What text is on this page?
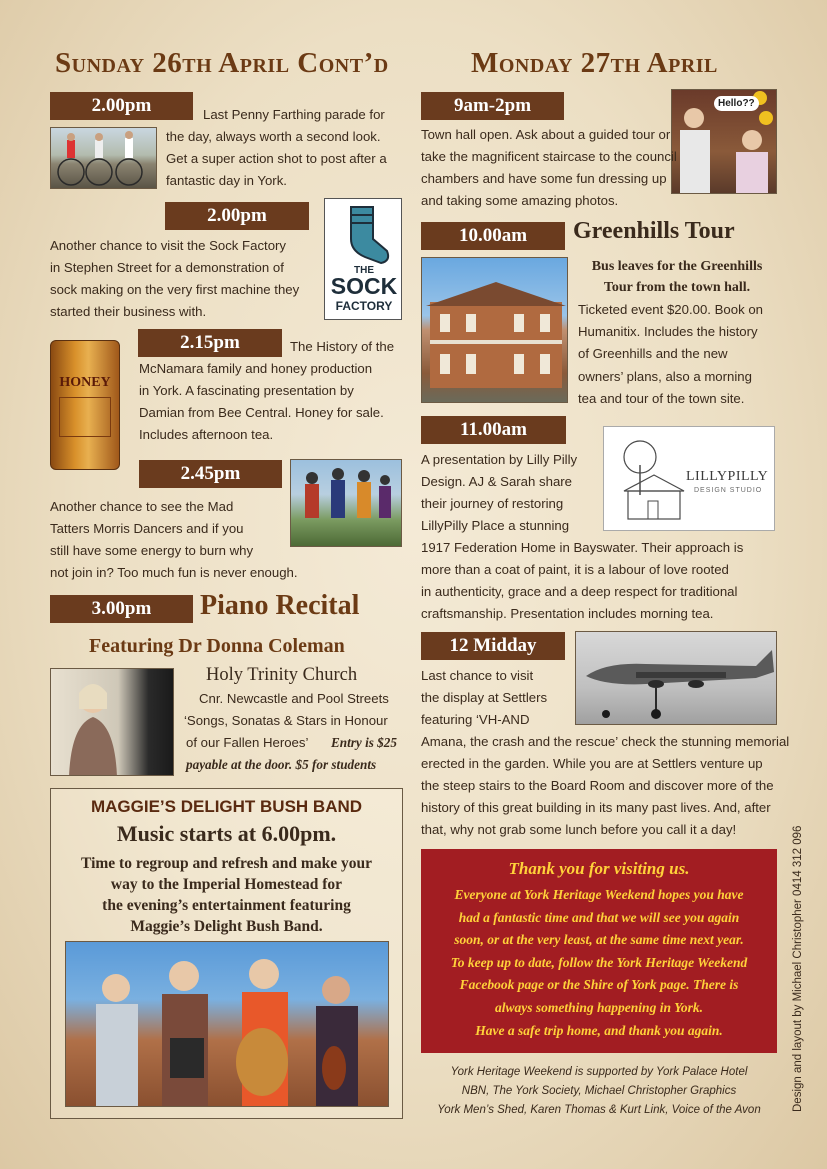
Sunday 26th April Cont’d	Monday 27th April
2.00pm	Last Penny Farthing parade for
the day, always worth a second look.
Get a super action shot to post after a
fantastic day in York.
2.00pm
THE
SOCK
FACTORY
Another chance to visit the Sock Factory
in Stephen Street for a demonstration of
sock making on the very first machine they
started their business with.
HONEY
2.15pm	The History of the
McNamara family and honey production
in York. A fascinating presentation by
Damian from Bee Central. Honey for sale.
Includes afternoon tea.
2.45pm
Another chance to see the Mad
Tatters Morris Dancers and if you
still have some energy to burn why
not join in? Too much fun is never enough.
3.00pm	Piano Recital
Featuring Dr Donna Coleman
Holy Trinity Church
Cnr. Newcastle and Pool Streets
‘Songs, Sonatas & Stars in Honour
of our Fallen Heroes’ Entry is $25
payable at the door. $5 for students
MAGGIE’S DELIGHT BUSH BAND
Music starts at 6.00pm.
Time to regroup and refresh and make your
way to the Imperial Homestead for
the evening’s entertainment featuring
Maggie’s Delight Bush Band.
9am-2pm	Hello??
Town hall open. Ask about a guided tour or
take the magnificent staircase to the council
chambers and have some fun dressing up
and taking some amazing photos.
10.00am	Greenhills Tour
Bus leaves for the Greenhills
Tour from the town hall.
Ticketed event $20.00. Book on
Humanitix. Includes the history
of Greenhills and the new
owners’ plans, also a morning
tea and tour of the town site.
11.00am
LILLYPILLY
DESIGN STUDIO
A presentation by Lilly Pilly
Design. AJ & Sarah share
their journey of restoring
LillyPilly Place a stunning
1917 Federation Home in Bayswater. Their approach is
more than a coat of paint, it is a labour of love rooted
in authenticity, grace and a deep respect for traditional
craftsmanship. Presentation includes morning tea.
12 Midday
Last chance to visit
the display at Settlers
featuring ‘VH-AND
Amana, the crash and the rescue’ check the stunning memorial
erected in the garden. While you are at Settlers venture up
the steep stairs to the Board Room and discover more of the
history of this great building in its many past lives. And, after
that, why not grab some lunch before you call it a day!
Thank you for visiting us.
Everyone at York Heritage Weekend hopes you have
had a fantastic time and that we will see you again
soon, or at the very least, at the same time next year.
To keep up to date, follow the York Heritage Weekend
Facebook page or the Shire of York page. There is
always something happening in York.
Have a safe trip home, and thank you again.
York Heritage Weekend is supported by York Palace Hotel
NBN, The York Society, Michael Christopher Graphics
York Men’s Shed, Karen Thomas & Kurt Link, Voice of the Avon	Design and layout by Michael Christopher 0414 312 096
